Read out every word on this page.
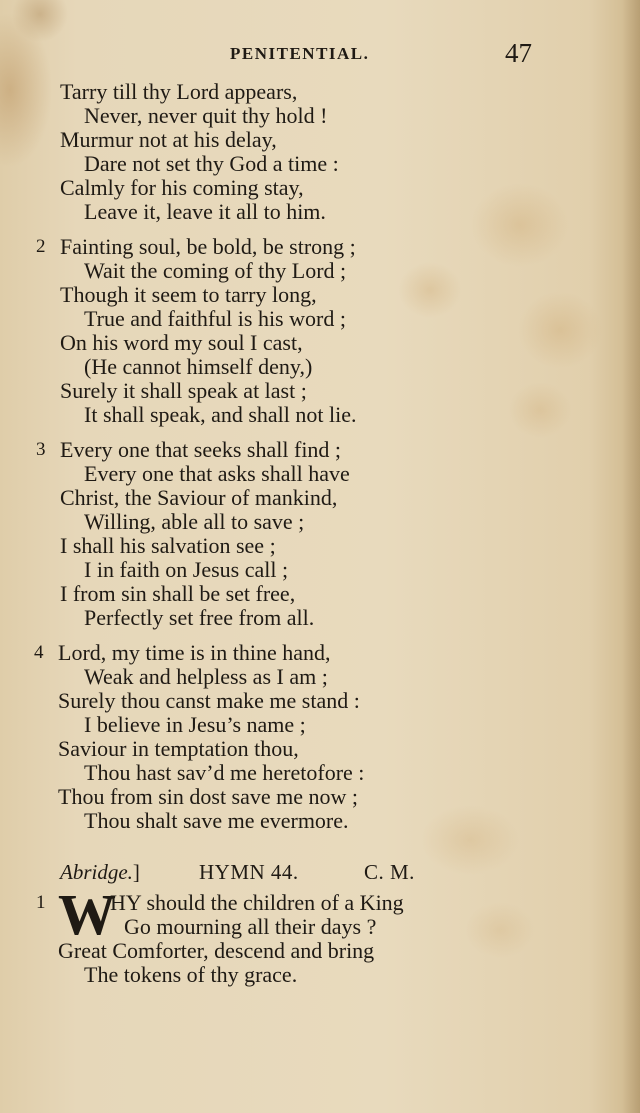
PENITENTIAL.	47
Tarry till thy Lord appears,
Never, never quit thy hold !
Murmur not at his delay,
Dare not set thy God a time :
Calmly for his coming stay,
Leave it, leave it all to him.
2 Fainting soul, be bold, be strong ;
Wait the coming of thy Lord ;
Though it seem to tarry long,
True and faithful is his word ;
On his word my soul I cast,
(He cannot himself deny,)
Surely it shall speak at last ;
It shall speak, and shall not lie.
3 Every one that seeks shall find ;
Every one that asks shall have
Christ, the Saviour of mankind,
Willing, able all to save ;
I shall his salvation see ;
I in faith on Jesus call ;
I from sin shall be set free,
Perfectly set free from all.
4 Lord, my time is in thine hand,
Weak and helpless as I am ;
Surely thou canst make me stand :
I believe in Jesu’s name ;
Saviour in temptation thou,
Thou hast sav’d me heretofore :
Thou from sin dost save me now ;
Thou shalt save me evermore.
Abridge.]	HYMN 44.	C. M.
1 W
HY should the children of a King
Go mourning all their days ?
Great Comforter, descend and bring
The tokens of thy grace.
